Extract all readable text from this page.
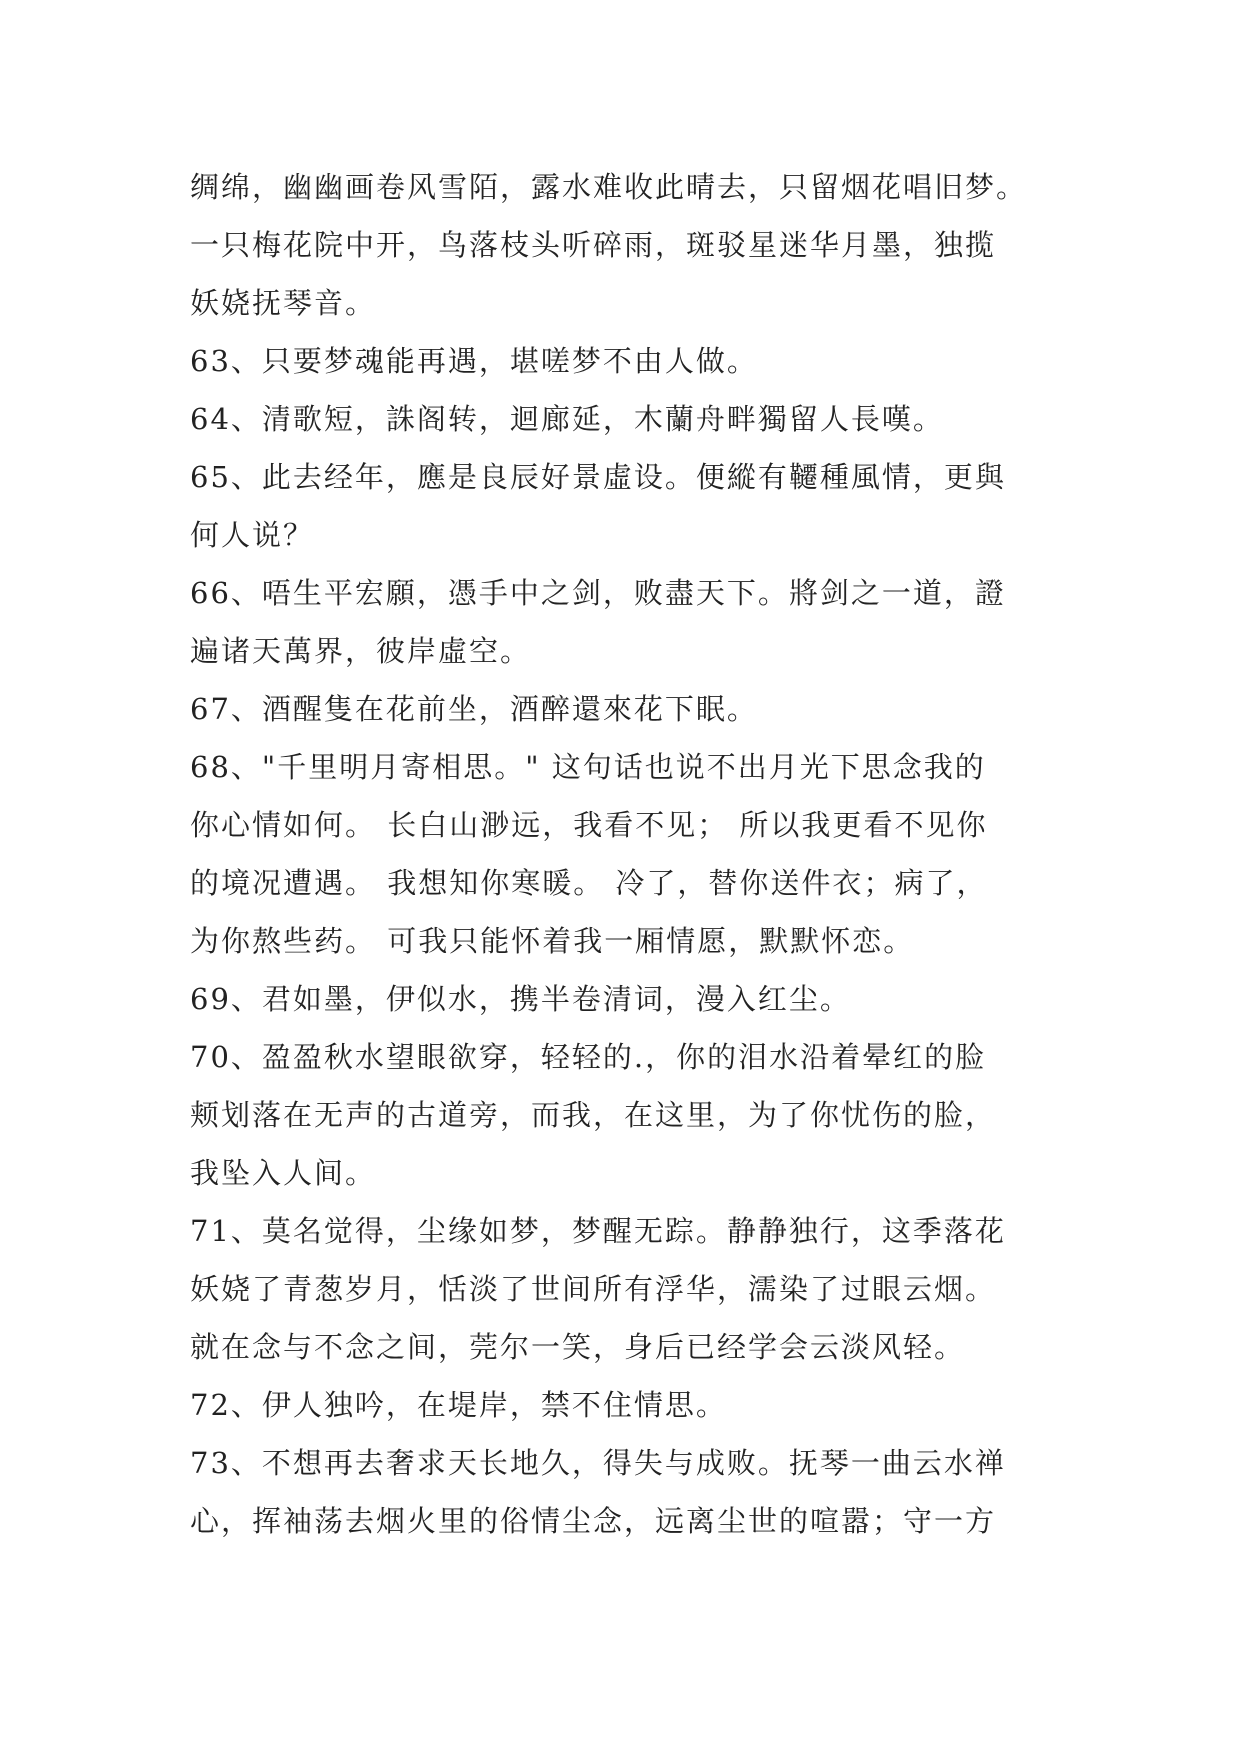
绸绵，幽幽画卷风雪陌，露水难收此晴去，只留烟花唱旧梦。
一只梅花院中开，鸟落枝头听碎雨，斑驳星迷华月墨，独揽
妖娆抚琴音。
63、只要梦魂能再遇，堪嗟梦不由人做。
64、清歌短，誅阁转，迴廊延，木蘭舟畔獨留人長嘆。
65、此去经年，應是良辰好景虛设。便縱有韆種風情，更與
何人说？
66、唔生平宏願，憑手中之剑，败盡天下。將剑之一道，證
遍诸天萬界，彼岸虛空。
67、酒醒隻在花前坐，酒醉還來花下眠。
68、"千里明月寄相思。" 这句话也说不出月光下思念我的
你心情如何。 长白山渺远，我看不见； 所以我更看不见你
的境况遭遇。 我想知你寒暖。 冷了，替你送件衣；病了，
为你熬些药。 可我只能怀着我一厢情愿，默默怀恋。
69、君如墨，伊似水，携半卷清词，漫入红尘。
70、盈盈秋水望眼欲穿，轻轻的.，你的泪水沿着晕红的脸
颊划落在无声的古道旁，而我，在这里，为了你忧伤的脸，
我坠入人间。
71、莫名觉得，尘缘如梦，梦醒无踪。静静独行，这季落花
妖娆了青葱岁月，恬淡了世间所有浮华，濡染了过眼云烟。
就在念与不念之间，莞尔一笑，身后已经学会云淡风轻。
72、伊人独吟，在堤岸，禁不住情思。
73、不想再去奢求天长地久，得失与成败。抚琴一曲云水禅
心，挥袖荡去烟火里的俗情尘念，远离尘世的喧嚣；守一方
